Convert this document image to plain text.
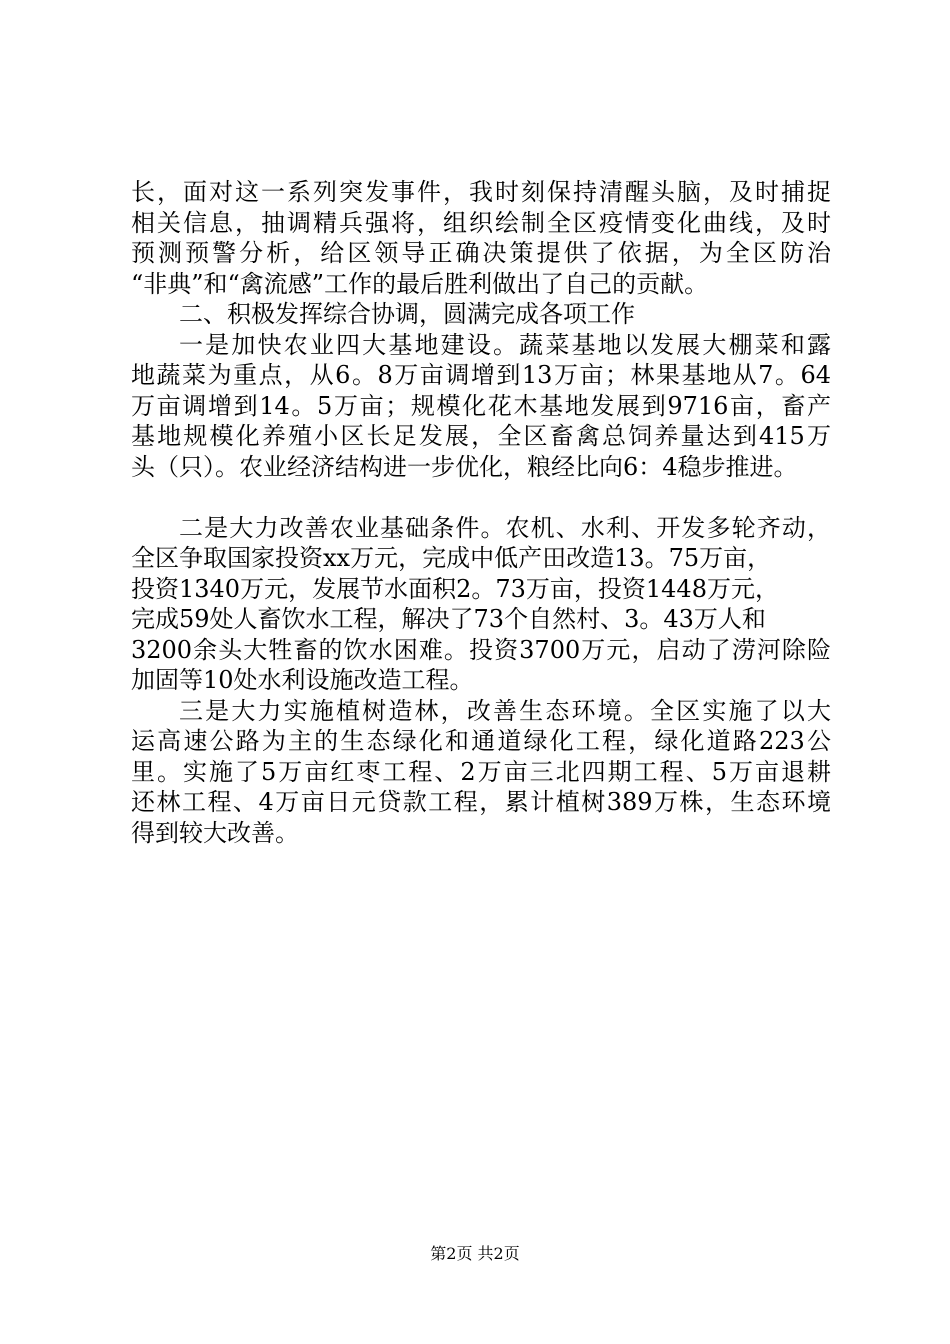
长，面对这一系列突发事件，我时刻保持清醒头脑，及时捕捉
相关信息，抽调精兵强将，组织绘制全区疫情变化曲线，及时
预测预警分析，给区领导正确决策提供了依据，为全区防治
“非典”和“禽流感”工作的最后胜利做出了自己的贡献。
二、积极发挥综合协调，圆满完成各项工作
一是加快农业四大基地建设。蔬菜基地以发展大棚菜和露
地蔬菜为重点，从6。8万亩调增到13万亩；林果基地从7。64
万亩调增到14。5万亩；规模化花木基地发展到9716亩，畜产
基地规模化养殖小区长足发展，全区畜禽总饲养量达到415万
头（只）。农业经济结构进一步优化，粮经比向6：4稳步推进。
二是大力改善农业基础条件。农机、水利、开发多轮齐动，
全区争取国家投资xx万元，完成中低产田改造13。75万亩，
投资1340万元，发展节水面积2。73万亩，投资1448万元，
完成59处人畜饮水工程，解决了73个自然村、3。43万人和
3200余头大牲畜的饮水困难。投资3700万元，启动了涝河除险
加固等10处水利设施改造工程。
三是大力实施植树造林，改善生态环境。全区实施了以大
运高速公路为主的生态绿化和通道绿化工程，绿化道路223公
里。实施了5万亩红枣工程、2万亩三北四期工程、5万亩退耕
还林工程、4万亩日元贷款工程，累计植树389万株，生态环境
得到较大改善。
第2页 共2页
